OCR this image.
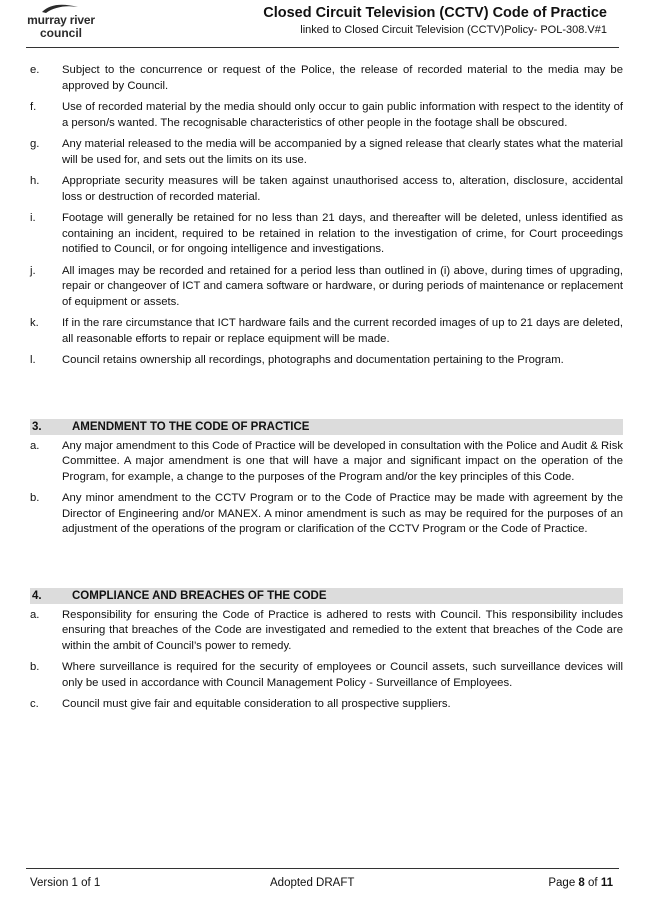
murray river
council
Closed Circuit Television (CCTV) Code of Practice
linked to Closed Circuit Television (CCTV)Policy- POL-308.V#1
e. Subject to the concurrence or request of the Police, the release of recorded material to the media may be approved by Council.
f. Use of recorded material by the media should only occur to gain public information with respect to the identity of a person/s wanted. The recognisable characteristics of other people in the footage shall be obscured.
g. Any material released to the media will be accompanied by a signed release that clearly states what the material will be used for, and sets out the limits on its use.
h. Appropriate security measures will be taken against unauthorised access to, alteration, disclosure, accidental loss or destruction of recorded material.
i. Footage will generally be retained for no less than 21 days, and thereafter will be deleted, unless identified as containing an incident, required to be retained in relation to the investigation of crime, for Court proceedings notified to Council, or for ongoing intelligence and investigations.
j. All images may be recorded and retained for a period less than outlined in (i) above, during times of upgrading, repair or changeover of ICT and camera software or hardware, or during periods of maintenance or replacement of equipment or assets.
k. If in the rare circumstance that ICT hardware fails and the current recorded images of up to 21 days are deleted, all reasonable efforts to repair or replace equipment will be made.
l. Council retains ownership all recordings, photographs and documentation pertaining to the Program.
3.	AMENDMENT TO THE CODE OF PRACTICE
a. Any major amendment to this Code of Practice will be developed in consultation with the Police and Audit & Risk Committee. A major amendment is one that will have a major and significant impact on the operation of the Program, for example, a change to the purposes of the Program and/or the key principles of this Code.
b. Any minor amendment to the CCTV Program or to the Code of Practice may be made with agreement by the Director of Engineering and/or MANEX. A minor amendment is such as may be required for the purposes of an adjustment of the operations of the program or clarification of the CCTV Program or the Code of Practice.
4.	COMPLIANCE AND BREACHES OF THE CODE
a. Responsibility for ensuring the Code of Practice is adhered to rests with Council. This responsibility includes ensuring that breaches of the Code are investigated and remedied to the extent that breaches of the Code are within the ambit of Council’s power to remedy.
b. Where surveillance is required for the security of employees or Council assets, such surveillance devices will only be used in accordance with Council Management Policy - Surveillance of Employees.
c. Council must give fair and equitable consideration to all prospective suppliers.
Version 1 of 1	Adopted DRAFT	Page 8 of 11
